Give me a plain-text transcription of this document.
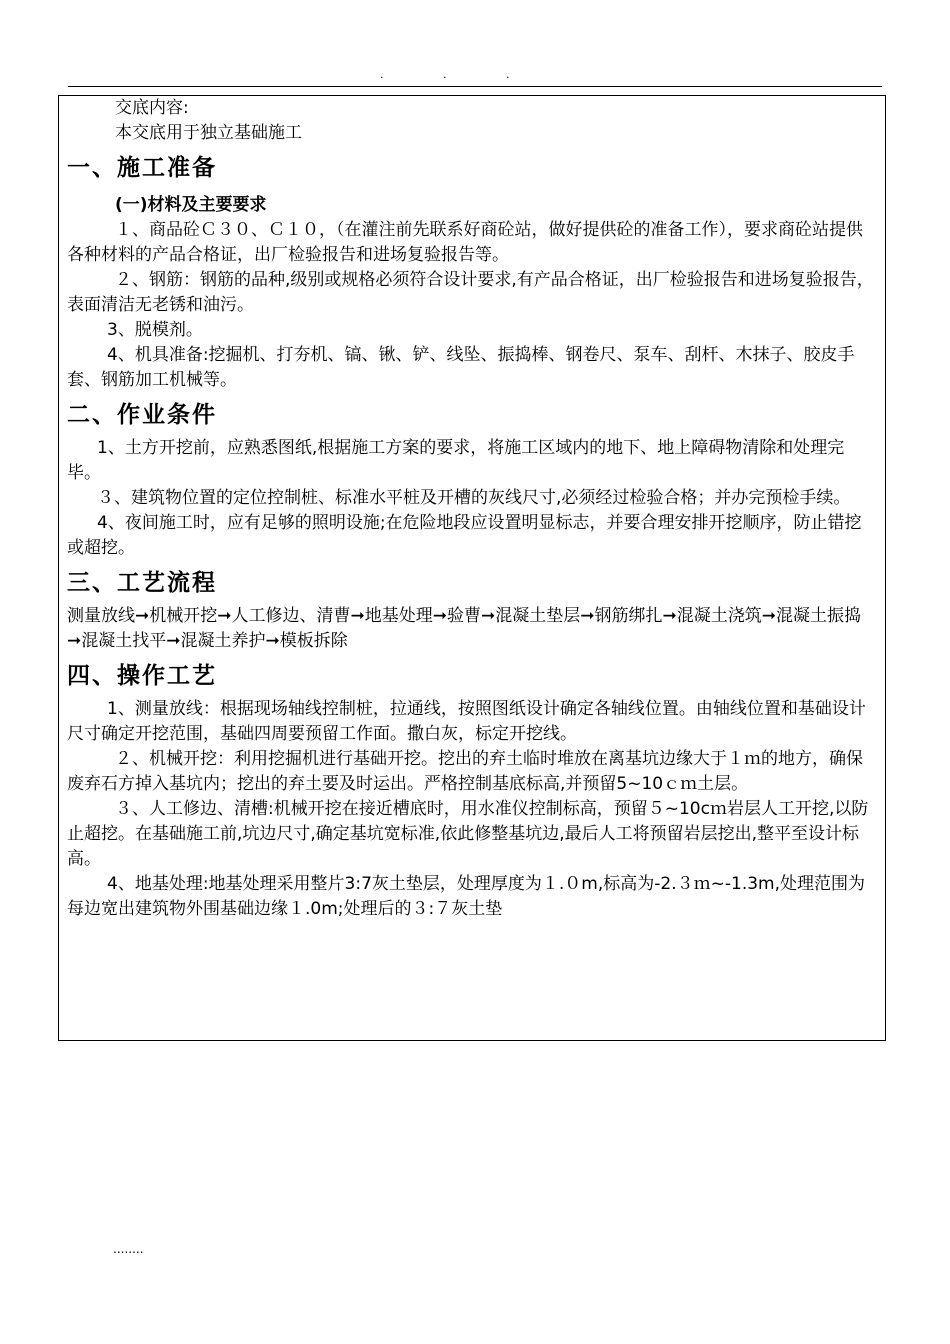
. . .

交底内容:

本交底用于独立基础施工

一、施工准备
(一)材料及主要要求

１、商品砼Ｃ３０、Ｃ１０，（在灌注前先联系好商砼站，做好提供砼的准备工作），要求商砼站提供各种材料的产品合格证，出厂检验报告和进场复验报告等。

２、钢筋：钢筋的品种,级别或规格必须符合设计要求,有产品合格证，出厂检验报告和进场复验报告，表面清洁无老锈和油污。

3、脱模剂。

4、机具准备:挖掘机、打夯机、镐、锹、铲、线坠、振捣棒、钢卷尺、泵车、刮杆、木抹子、胶皮手套、钢筋加工机械等。

二、作业条件

1、土方开挖前，应熟悉图纸,根据施工方案的要求，将施工区域内的地下、地上障碍物清除和处理完毕。

３、建筑物位置的定位控制桩、标准水平桩及开槽的灰线尺寸,必须经过检验合格；并办完预检手续。

4、夜间施工时，应有足够的照明设施;在危险地段应设置明显标志，并要合理安排开挖顺序，防止错挖或超挖。

三、工艺流程

测量放线➞机械开挖➞人工修边、清曹➞地基处理➞验曹➞混凝土垫层➞钢筋绑扎➞混凝土浇筑➞混凝土振捣➞混凝土找平➞混凝土养护➞模板拆除

四、操作工艺

1、测量放线：根据现场轴线控制桩，拉通线，按照图纸设计确定各轴线位置。由轴线位置和基础设计尺寸确定开挖范围，基础四周要预留工作面。撒白灰，标定开挖线。

２、机械开挖：利用挖掘机进行基础开挖。挖出的弃土临时堆放在离基坑边缘大于１ｍ的地方，确保废弃石方掉入基坑内；挖出的弃土要及时运出。严格控制基底标高,并预留5~10ｃｍ土层。

３、人工修边、清槽:机械开挖在接近槽底时，用水准仪控制标高，预留５~10cｍ岩层人工开挖,以防止超挖。在基础施工前,坑边尺寸,确定基坑宽标准,依此修整基坑边,最后人工将预留岩层挖出,整平至设计标高。

4、地基处理:地基处理采用整片3:7灰土垫层，处理厚度为１.０m,标高为-2.３ｍ~-1.3m,处理范围为每边宽出建筑物外围基础边缘１.0m;处理后的３:７灰土垫

........
